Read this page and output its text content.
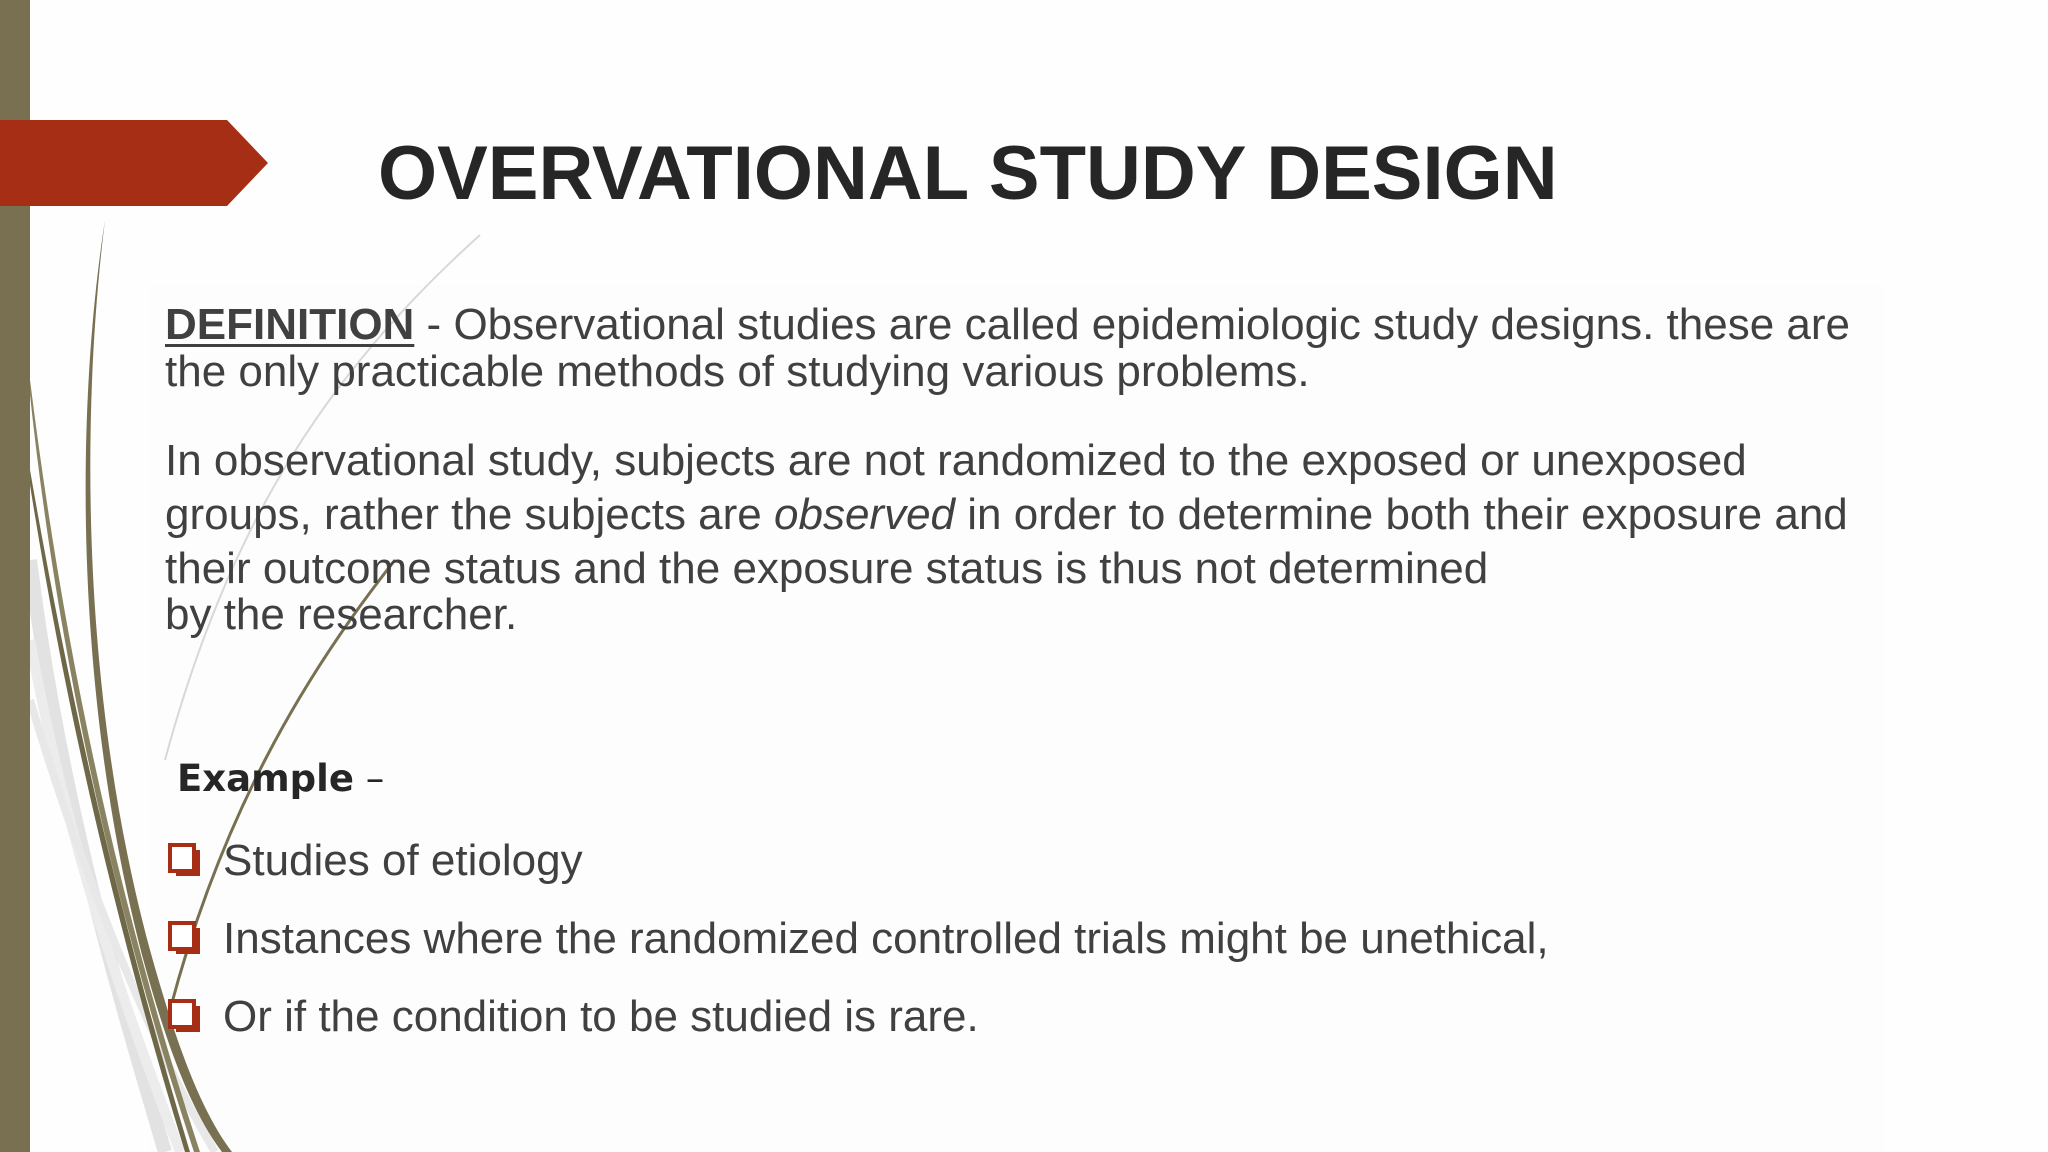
OVERVATIONAL STUDY DESIGN

DEFINITION - Observational studies are called epidemiologic study designs. these are the only practicable methods of studying various problems.

In observational study, subjects are not randomized to the exposed or unexposed groups, rather the subjects are observed in order to determine both their exposure and their outcome status and the exposure status is thus not determined
by the researcher.

Example –

Studies of etiology
Instances where the randomized controlled trials might be unethical,
Or if the condition to be studied is rare.
